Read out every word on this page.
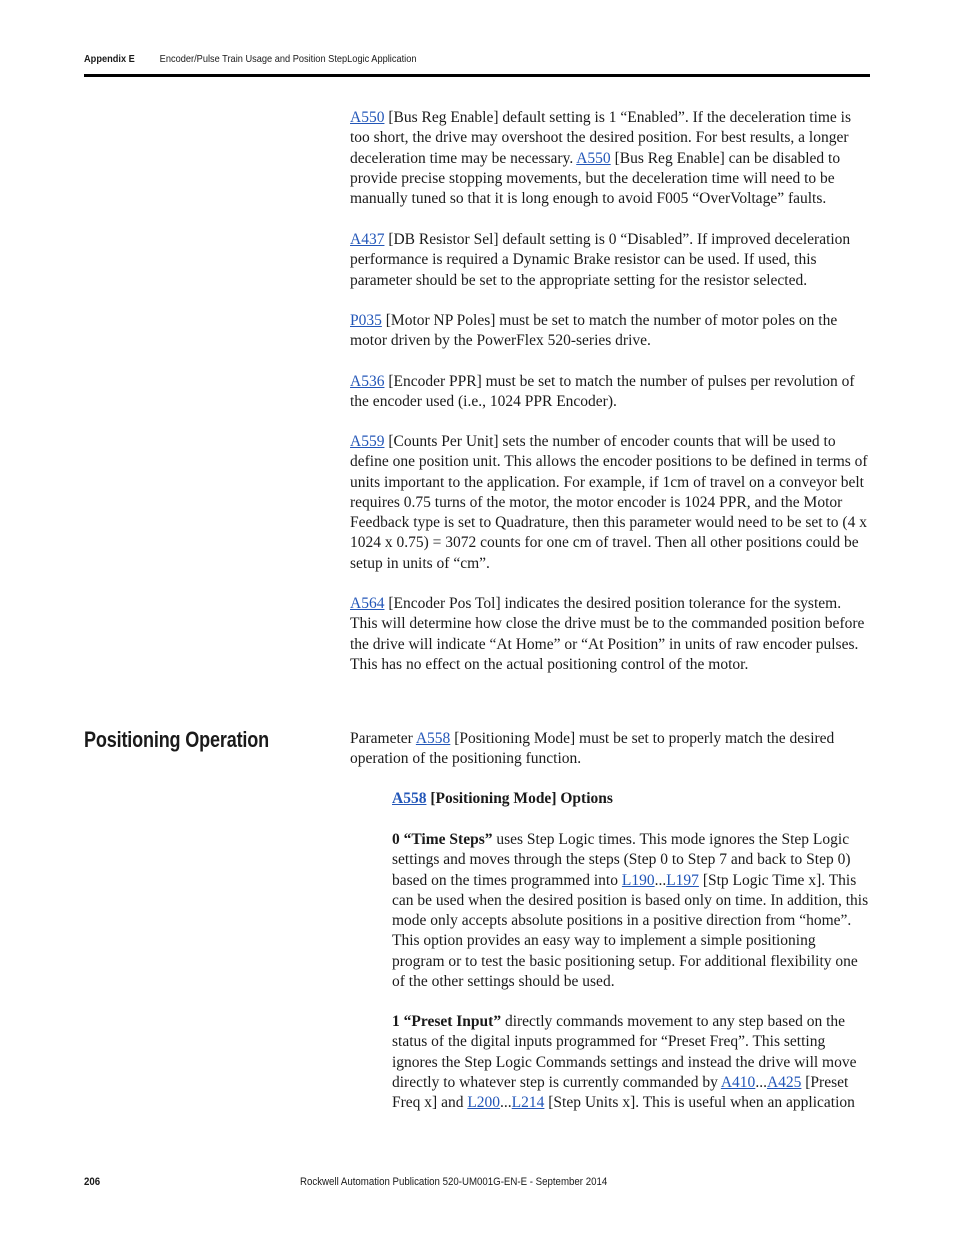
Appendix E Encoder/Pulse Train Usage and Position StepLogic Application

A550 [Bus Reg Enable] default setting is 1 “Enabled”. If the deceleration time is too short, the drive may overshoot the desired position. For best results, a longer deceleration time may be necessary. A550 [Bus Reg Enable] can be disabled to provide precise stopping movements, but the deceleration time will need to be manually tuned so that it is long enough to avoid F005 “OverVoltage” faults.

A437 [DB Resistor Sel] default setting is 0 “Disabled”. If improved deceleration performance is required a Dynamic Brake resistor can be used. If used, this parameter should be set to the appropriate setting for the resistor selected.

P035 [Motor NP Poles] must be set to match the number of motor poles on the motor driven by the PowerFlex 520-series drive.

A536 [Encoder PPR] must be set to match the number of pulses per revolution of the encoder used (i.e., 1024 PPR Encoder).

A559 [Counts Per Unit] sets the number of encoder counts that will be used to define one position unit. This allows the encoder positions to be defined in terms of units important to the application. For example, if 1cm of travel on a conveyor belt requires 0.75 turns of the motor, the motor encoder is 1024 PPR, and the Motor Feedback type is set to Quadrature, then this parameter would need to be set to (4 x 1024 x 0.75) = 3072 counts for one cm of travel. Then all other positions could be setup in units of “cm”.

A564 [Encoder Pos Tol] indicates the desired position tolerance for the system. This will determine how close the drive must be to the commanded position before the drive will indicate “At Home” or “At Position” in units of raw encoder pulses. This has no effect on the actual positioning control of the motor.

Positioning Operation	Parameter A558 [Positioning Mode] must be set to properly match the desired operation of the positioning function.

A558 [Positioning Mode] Options

0 “Time Steps” uses Step Logic times. This mode ignores the Step Logic settings and moves through the steps (Step 0 to Step 7 and back to Step 0) based on the times programmed into L190...L197 [Stp Logic Time x]. This can be used when the desired position is based only on time. In addition, this mode only accepts absolute positions in a positive direction from “home”. This option provides an easy way to implement a simple positioning program or to test the basic positioning setup. For additional flexibility one of the other settings should be used.

1 “Preset Input” directly commands movement to any step based on the status of the digital inputs programmed for “Preset Freq”. This setting ignores the Step Logic Commands settings and instead the drive will move directly to whatever step is currently commanded by A410...A425 [Preset Freq x] and L200...L214 [Step Units x]. This is useful when an application

206	Rockwell Automation Publication 520-UM001G-EN-E - September 2014
